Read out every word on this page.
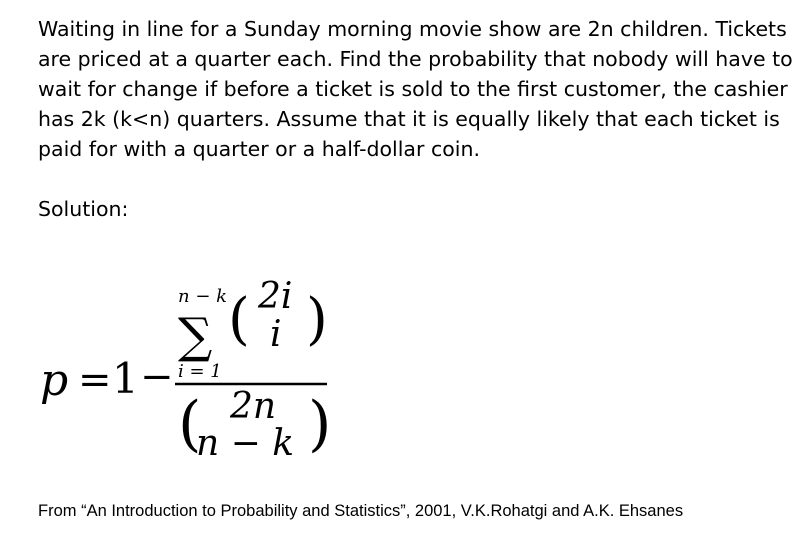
Waiting in line for a Sunday morning movie show are 2n children. Tickets
are priced at a quarter each. Find the probability that nobody will have to
wait for change if before a ticket is sold to the first customer, the cashier
has 2k (k<n) quarters. Assume that it is equally likely that each ticket is
paid for with a quarter or a half-dollar coin.

Solution:

p = 1 −
n − k
∑
i = 1
( 2i
i )
( 2n
n − k )

From “An Introduction to Probability and Statistics”, 2001, V.K.Rohatgi and A.K. Ehsanes
